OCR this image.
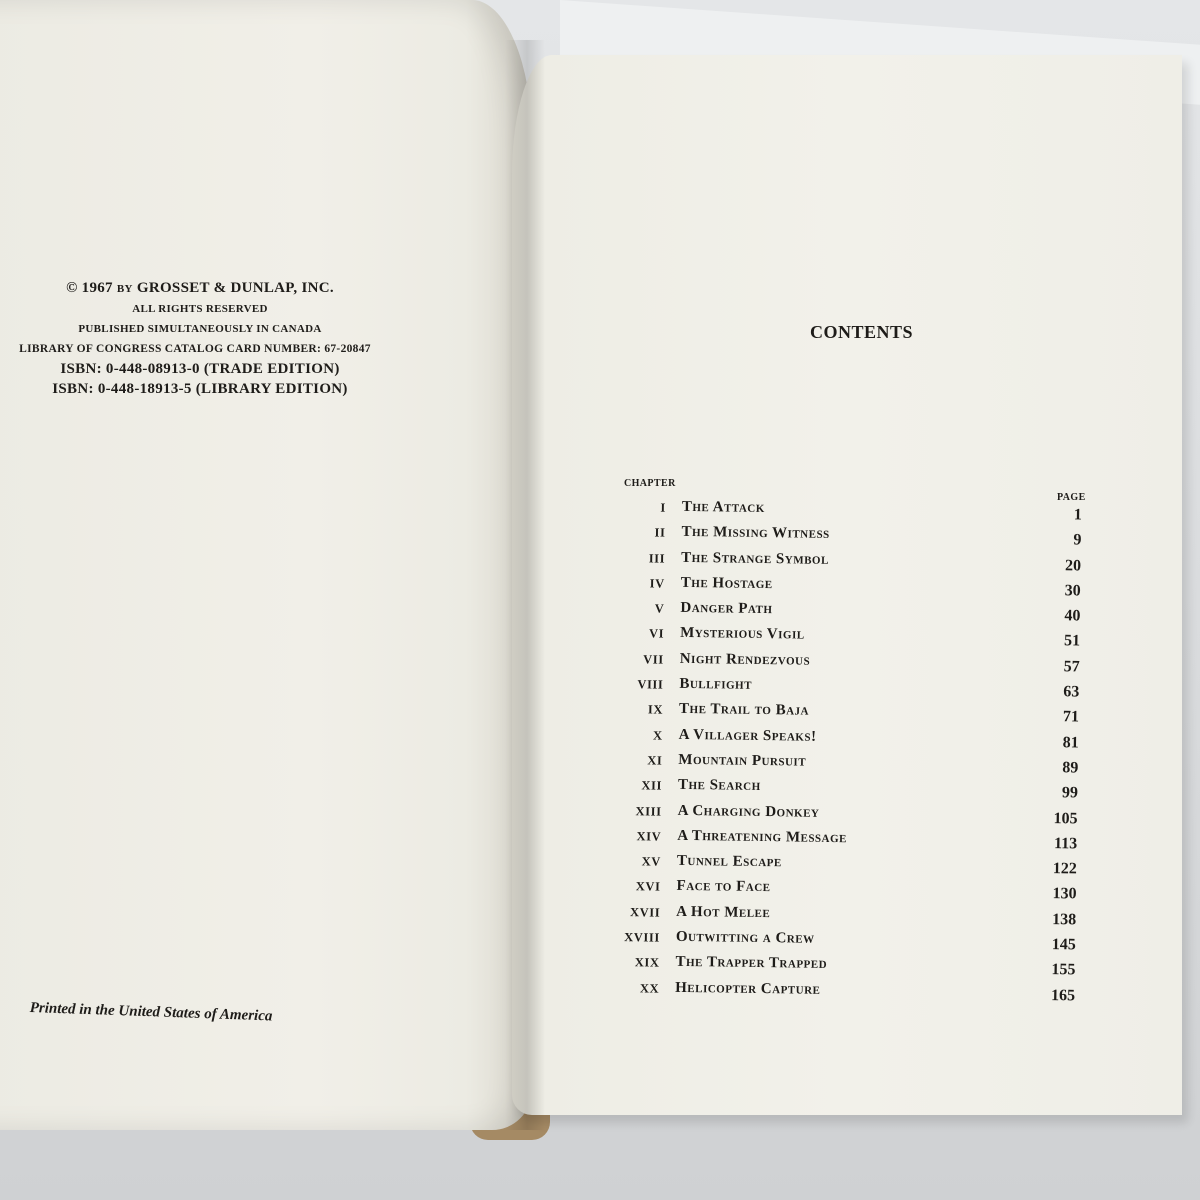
© 1967 BY GROSSET & DUNLAP, INC.
ALL RIGHTS RESERVED
PUBLISHED SIMULTANEOUSLY IN CANADA
LIBRARY OF CONGRESS CATALOG CARD NUMBER: 67-20847
ISBN: 0-448-08913-0 (TRADE EDITION)
ISBN: 0-448-18913-5 (LIBRARY EDITION)
Printed in the United States of America
CONTENTS
CHAPTER
PAGE
I The Attack	1
II The Missing Witness	9
III The Strange Symbol	20
IV The Hostage	30
V Danger Path	40
VI Mysterious Vigil	51
VII Night Rendezvous	57
VIII Bullfight	63
IX The Trail to Baja	71
X A Villager Speaks!	81
XI Mountain Pursuit	89
XII The Search	99
XIII A Charging Donkey	105
XIV A Threatening Message	113
XV Tunnel Escape	122
XVI Face to Face	130
XVII A Hot Melee	138
XVIII Outwitting a Crew	145
XIX The Trapper Trapped	155
XX Helicopter Capture	165
